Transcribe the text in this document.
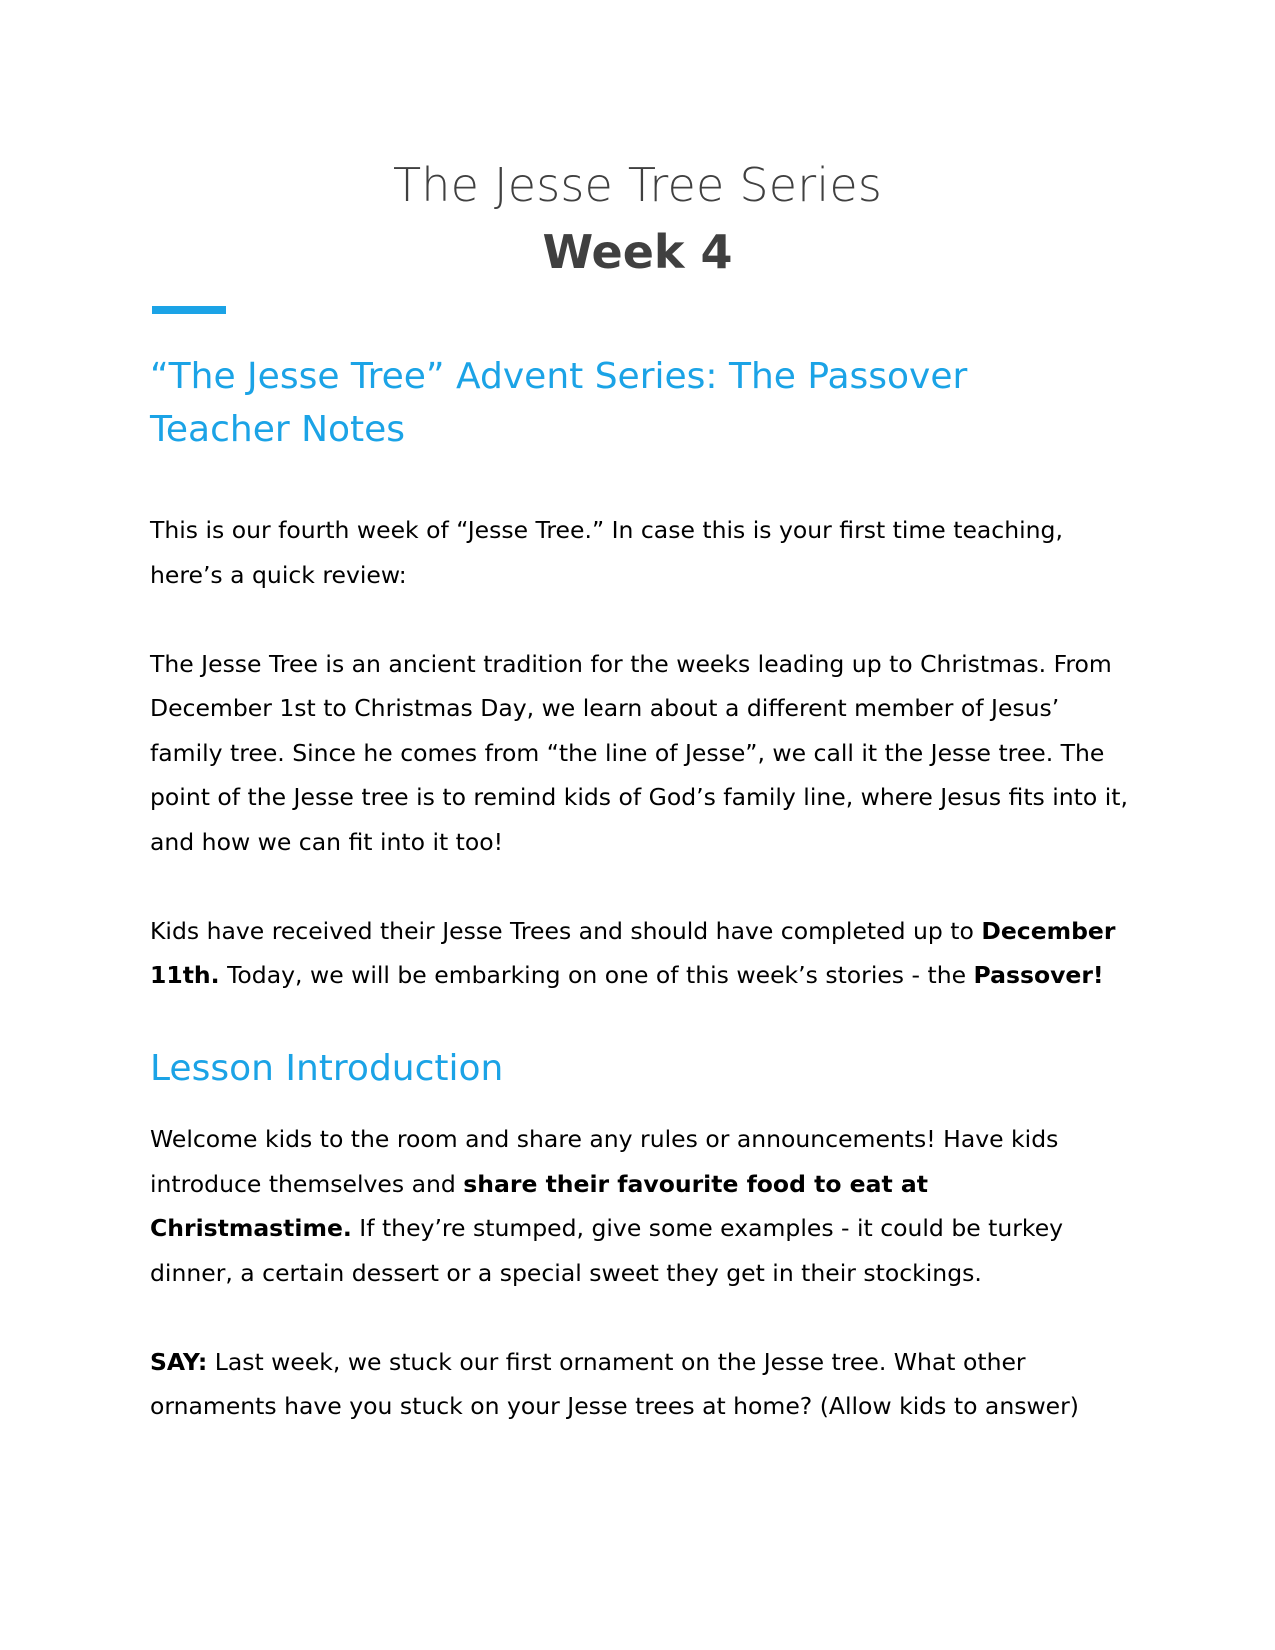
The Jesse Tree Series
Week 4
“The Jesse Tree” Advent Series: The Passover
Teacher Notes

This is our fourth week of “Jesse Tree.” In case this is your first time teaching, here’s a quick review:

The Jesse Tree is an ancient tradition for the weeks leading up to Christmas. From December 1st to Christmas Day, we learn about a different member of Jesus’ family tree. Since he comes from “the line of Jesse”, we call it the Jesse tree. The point of the Jesse tree is to remind kids of God’s family line, where Jesus fits into it, and how we can fit into it too!

Kids have received their Jesse Trees and should have completed up to December 11th. Today, we will be embarking on one of this week’s stories - the Passover!

Lesson Introduction

Welcome kids to the room and share any rules or announcements! Have kids introduce themselves and share their favourite food to eat at Christmastime. If they’re stumped, give some examples - it could be turkey dinner, a certain dessert or a special sweet they get in their stockings.

SAY: Last week, we stuck our first ornament on the Jesse tree. What other ornaments have you stuck on your Jesse trees at home? (Allow kids to answer)
